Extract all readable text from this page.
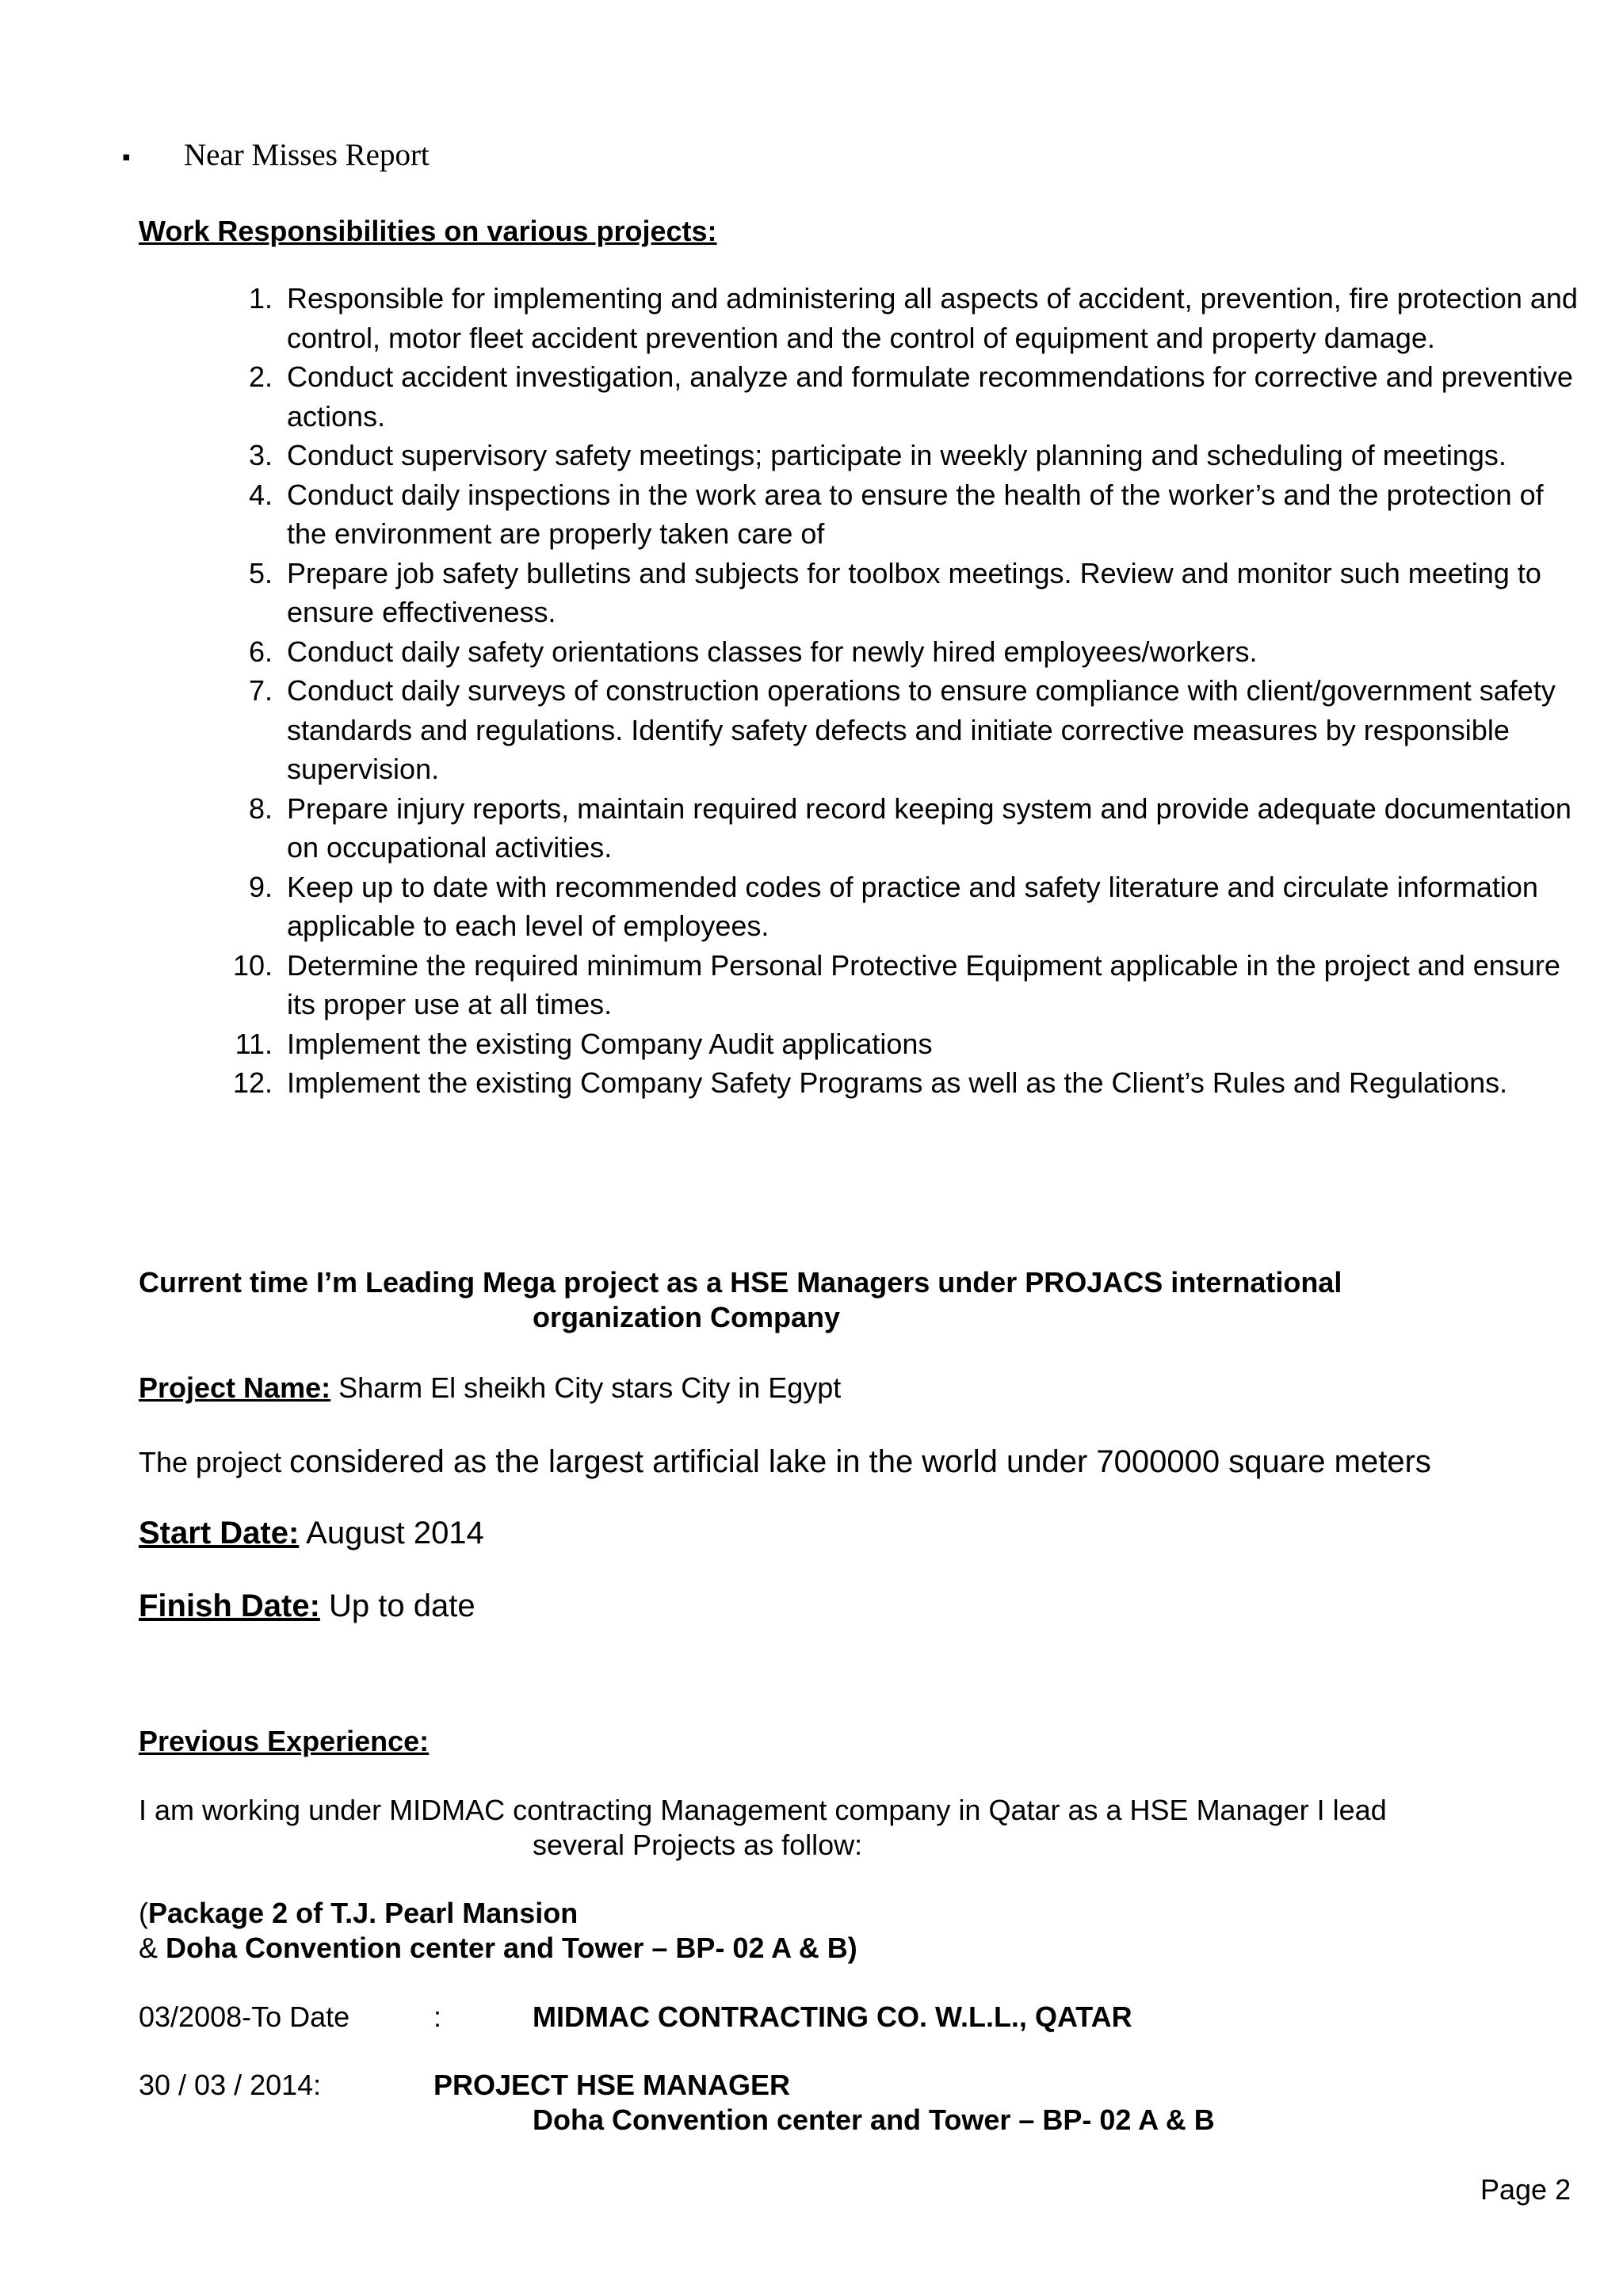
▪ Near Misses Report
Work Responsibilities on various projects:
1. Responsible for implementing and administering all aspects of accident, prevention, fire protection and control, motor fleet accident prevention and the control of equipment and property damage.
2. Conduct accident investigation, analyze and formulate recommendations for corrective and preventive actions.
3. Conduct supervisory safety meetings; participate in weekly planning and scheduling of meetings.
4. Conduct daily inspections in the work area to ensure the health of the worker’s and the protection of the environment are properly taken care of
5. Prepare job safety bulletins and subjects for toolbox meetings. Review and monitor such meeting to ensure effectiveness.
6. Conduct daily safety orientations classes for newly hired employees/workers.
7. Conduct daily surveys of construction operations to ensure compliance with client/government safety standards and regulations. Identify safety defects and initiate corrective measures by responsible supervision.
8. Prepare injury reports, maintain required record keeping system and provide adequate documentation on occupational activities.
9. Keep up to date with recommended codes of practice and safety literature and circulate information applicable to each level of employees.
10. Determine the required minimum Personal Protective Equipment applicable in the project and ensure its proper use at all times.
11. Implement the existing Company Audit applications
12. Implement the existing Company Safety Programs as well as the Client’s Rules and Regulations.
Current time I’m Leading Mega project as a HSE Managers under PROJACS international
organization Company
Project Name: Sharm El sheikh City stars City in Egypt
The project considered as the largest artificial lake in the world under 7000000 square meters
Start Date: August 2014
Finish Date: Up to date
Previous Experience:
I am working under MIDMAC contracting Management company in Qatar as a HSE Manager I lead
several Projects as follow:
(Package 2 of T.J. Pearl Mansion
& Doha Convention center and Tower – BP- 02 A & B)
03/2008-To Date	:	MIDMAC CONTRACTING CO. W.L.L., QATAR
30 / 03 / 2014:	PROJECT HSE MANAGER
Doha Convention center and Tower – BP- 02 A & B
Page 2
